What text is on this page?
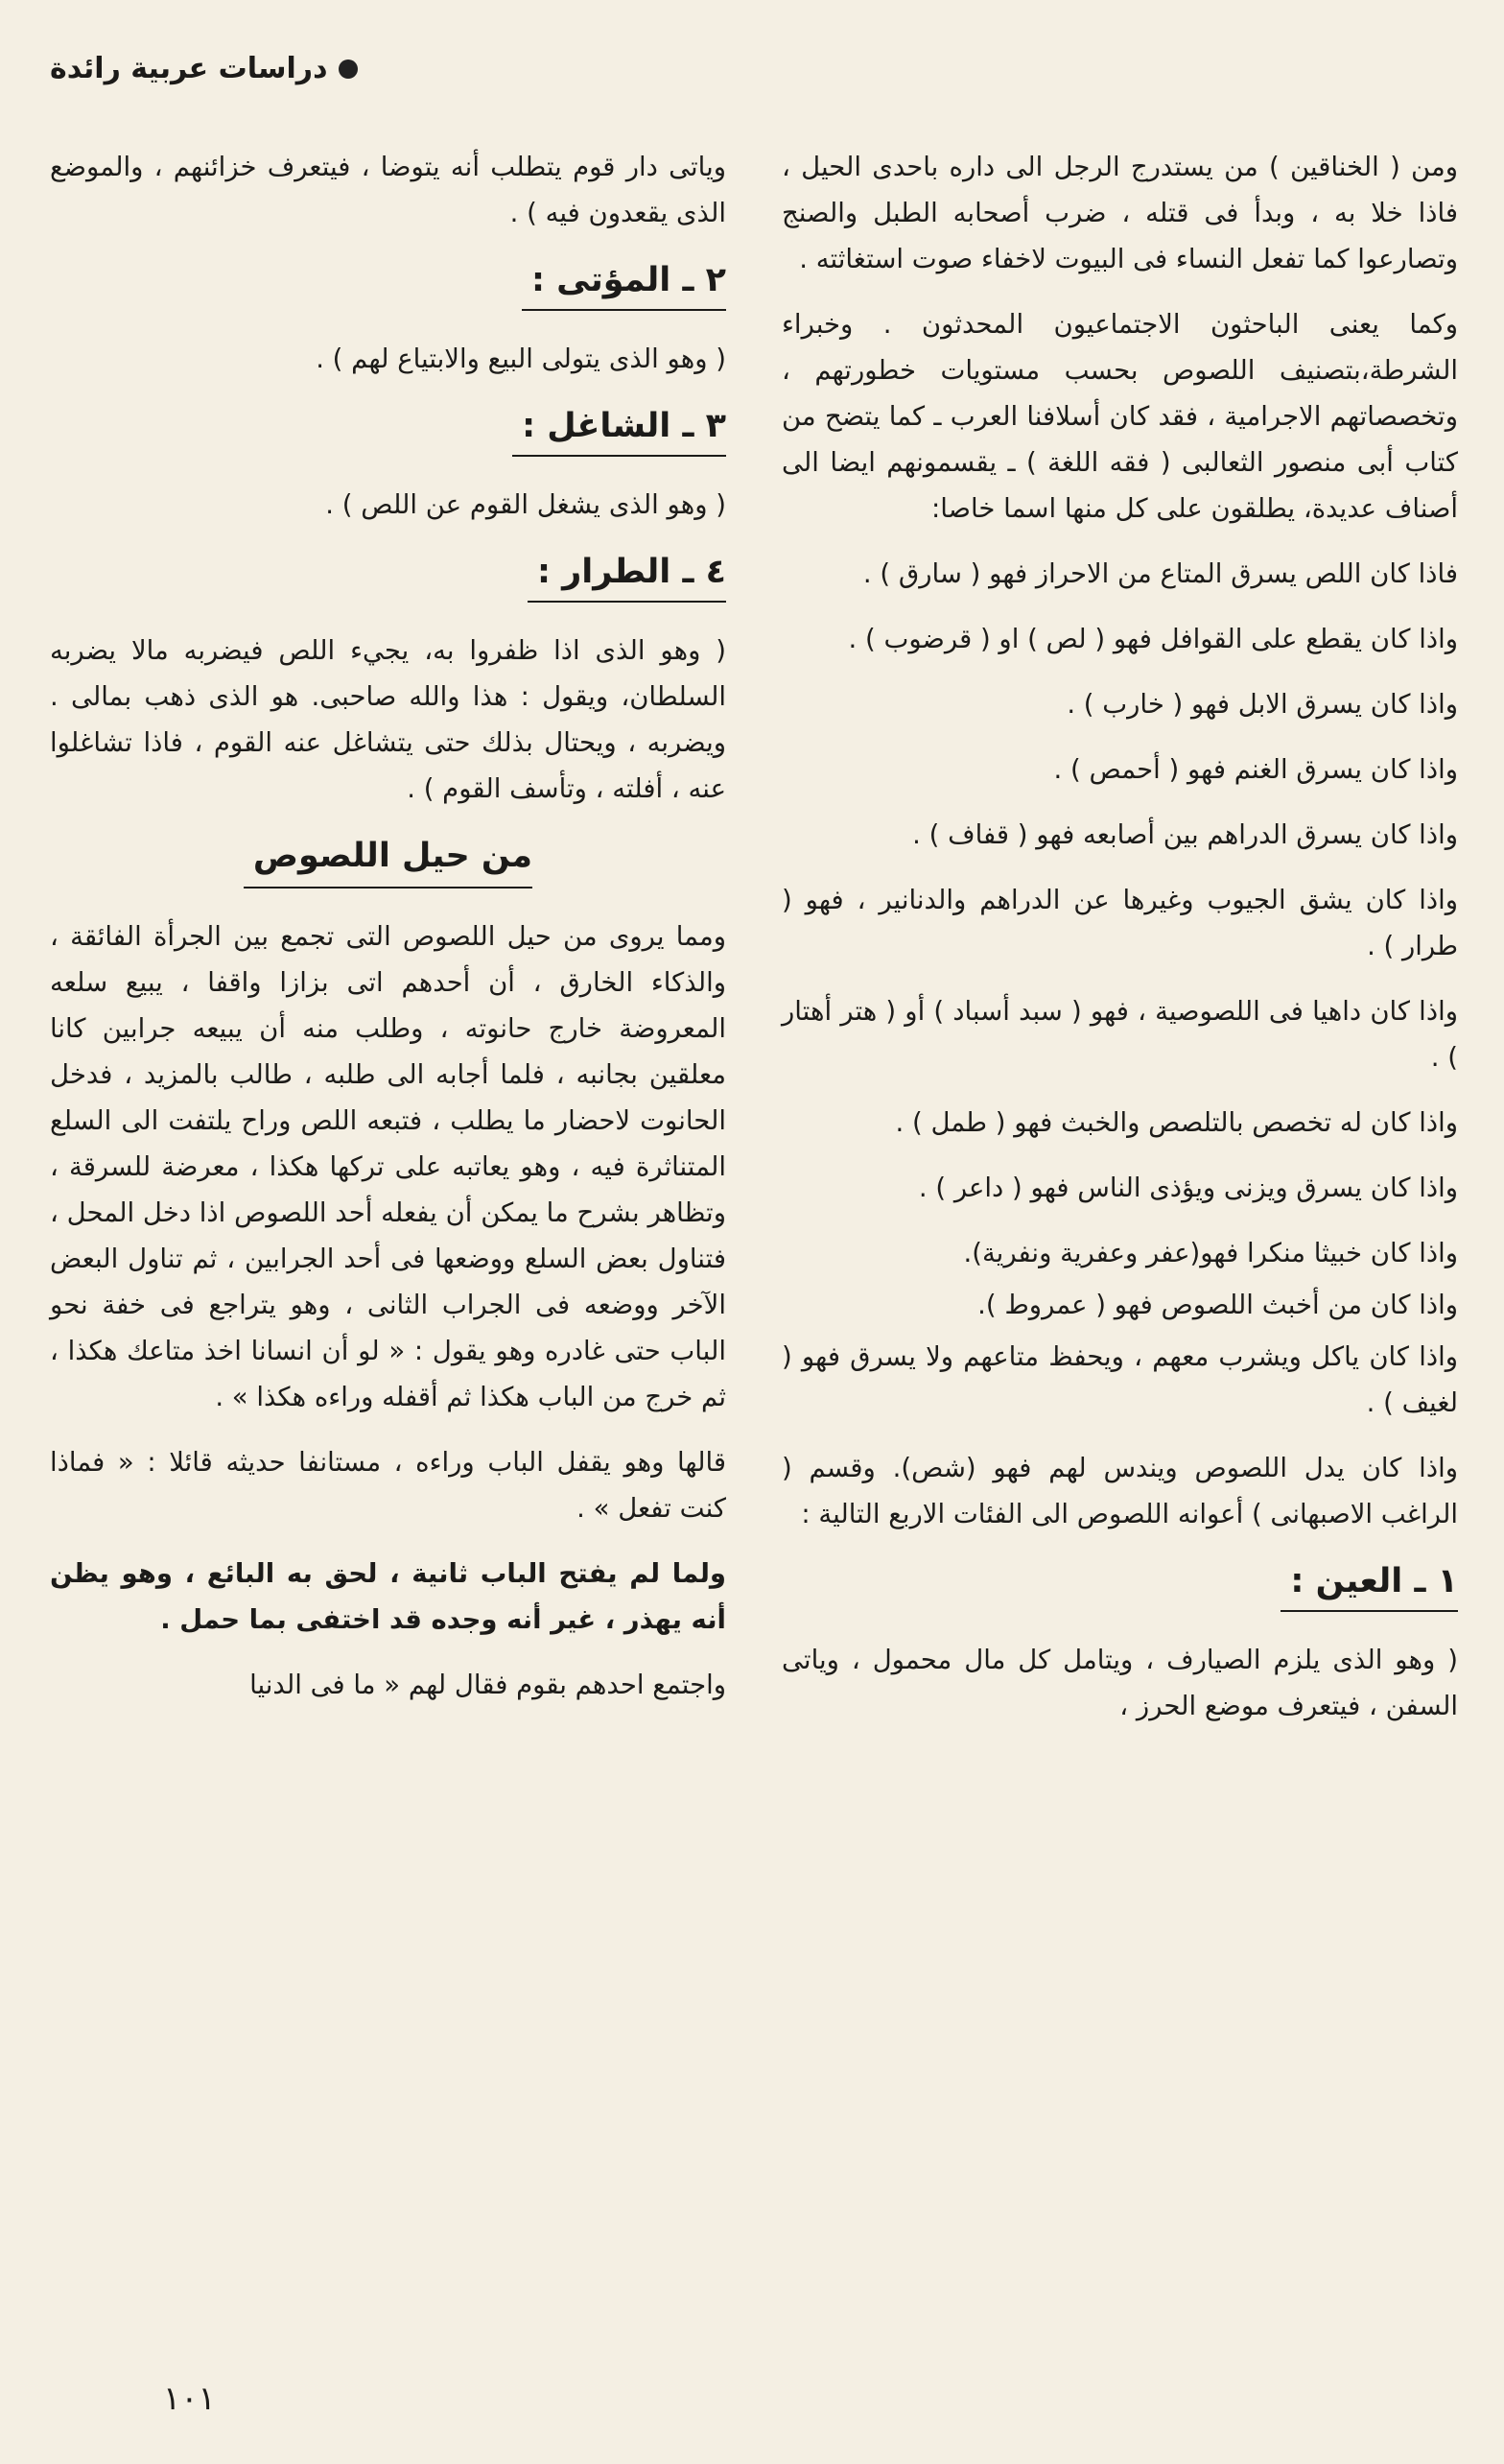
دراسات عربية رائدة

ومن ( الخناقين ) من يستدرج الرجل الى داره باحدى الحيل ، فاذا خلا به ، وبدأ فى قتله ، ضرب أصحابه الطبل والصنج وتصارعوا كما تفعل النساء فى البيوت لاخفاء صوت استغاثته .

وكما يعنى الباحثون الاجتماعيون المحدثون . وخبراء الشرطة،بتصنيف اللصوص بحسب مستويات خطورتهم ، وتخصصاتهم الاجرامية ، فقد كان أسلافنا العرب ـ كما يتضح من كتاب أبى منصور الثعالبى ( فقه اللغة ) ـ يقسمونهم ايضا الى أصناف عديدة، يطلقون على كل منها اسما خاصا:

فاذا كان اللص يسرق المتاع من الاحراز فهو ( سارق ) .

واذا كان يقطع على القوافل فهو ( لص ) او ( قرضوب ) .

واذا كان يسرق الابل فهو ( خارب ) .

واذا كان يسرق الغنم فهو ( أحمص ) .

واذا كان يسرق الدراهم بين أصابعه فهو ( قفاف ) .

واذا كان يشق الجيوب وغيرها عن الدراهم والدنانير ، فهو ( طرار ) .

واذا كان داهيا فى اللصوصية ، فهو ( سبد أسباد ) أو ( هتر أهتار ) .

واذا كان له تخصص بالتلصص والخبث فهو ( طمل ) .

واذا كان يسرق ويزنى ويؤذى الناس فهو ( داعر ) .

واذا كان خبيثا منكرا فهو(عفر وعفرية ونفرية).

واذا كان من أخبث اللصوص فهو ( عمروط ).

واذا كان ياكل ويشرب معهم ، ويحفظ متاعهم ولا يسرق فهو ( لغيف ) .

واذا كان يدل اللصوص ويندس لهم فهو (شص). وقسم ( الراغب الاصبهانى ) أعوانه اللصوص الى الفئات الاربع التالية :

١ ـ العين :

( وهو الذى يلزم الصيارف ، ويتامل كل مال محمول ، وياتى السفن ، فيتعرف موضع الحرز ،

وياتى دار قوم يتطلب أنه يتوضا ، فيتعرف خزائنهم ، والموضع الذى يقعدون فيه ) .

٢ ـ المؤتى :

( وهو الذى يتولى البيع والابتياع لهم ) .

٣ ـ الشاغل :

( وهو الذى يشغل القوم عن اللص ) .

٤ ـ الطرار :

( وهو الذى اذا ظفروا به، يجيء اللص فيضربه مالا يضربه السلطان، ويقول : هذا والله صاحبى. هو الذى ذهب بمالى . ويضربه ، ويحتال بذلك حتى يتشاغل عنه القوم ، فاذا تشاغلوا عنه ، أفلته ، وتأسف القوم ) .

من حيل اللصوص

ومما يروى من حيل اللصوص التى تجمع بين الجرأة الفائقة ، والذكاء الخارق ، أن أحدهم اتى بزازا واقفا ، يبيع سلعه المعروضة خارج حانوته ، وطلب منه أن يبيعه جرابين كانا معلقين بجانبه ، فلما أجابه الى طلبه ، طالب بالمزيد ، فدخل الحانوت لاحضار ما يطلب ، فتبعه اللص وراح يلتفت الى السلع المتناثرة فيه ، وهو يعاتبه على تركها هكذا ، معرضة للسرقة ، وتظاهر بشرح ما يمكن أن يفعله أحد اللصوص اذا دخل المحل ، فتناول بعض السلع ووضعها فى أحد الجرابين ، ثم تناول البعض الآخر ووضعه فى الجراب الثانى ، وهو يتراجع فى خفة نحو الباب حتى غادره وهو يقول : « لو أن انسانا اخذ متاعك هكذا ، ثم خرج من الباب هكذا ثم أقفله وراءه هكذا » .

قالها وهو يقفل الباب وراءه ، مستانفا حديثه قائلا : « فماذا كنت تفعل » .

ولما لم يفتح الباب ثانية ، لحق به البائع ، وهو يظن أنه يهذر ، غير أنه وجده قد اختفى بما حمل .

واجتمع احدهم بقوم فقال لهم « ما فى الدنيا

١٠١
